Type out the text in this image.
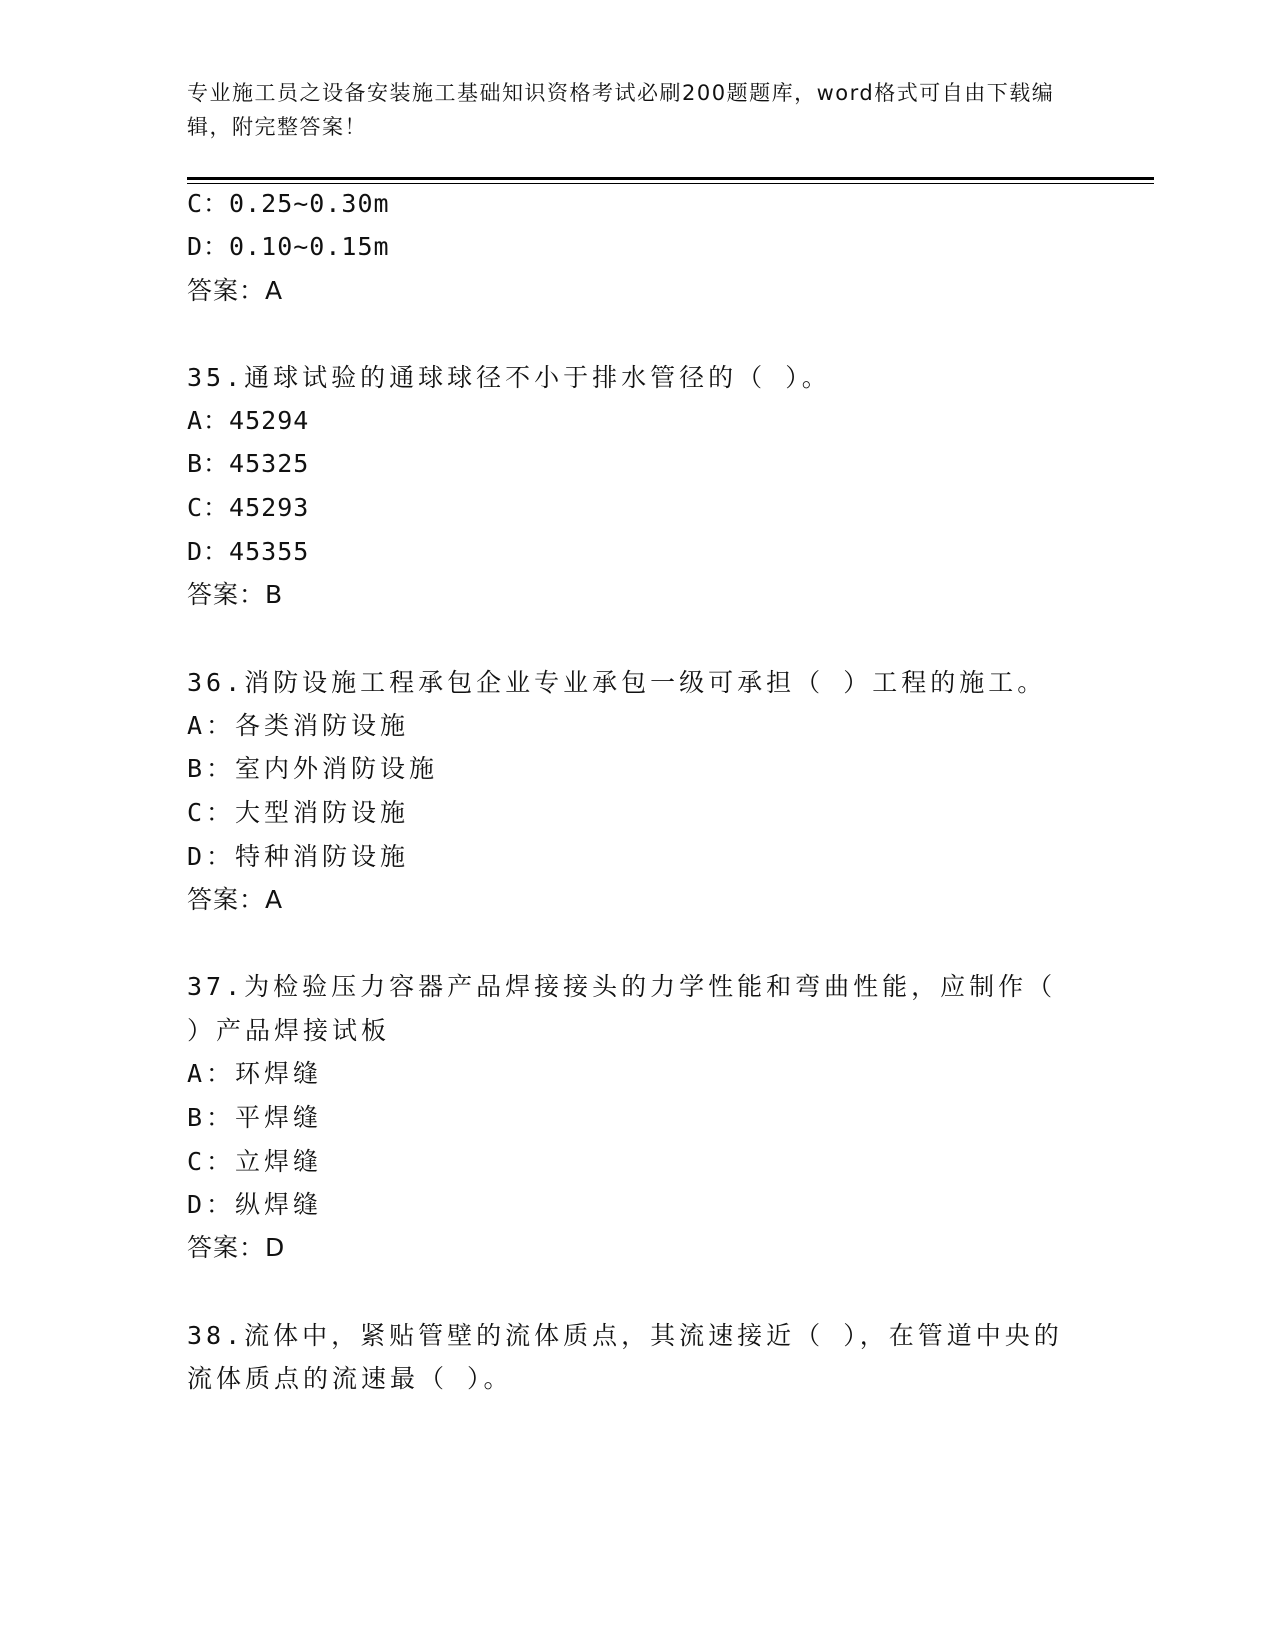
专业施工员之设备安装施工基础知识资格考试必刷200题题库，word格式可自由下载编辑，附完整答案！
C：0.25~0.30m
D：0.10~0.15m
答案：A
35.通球试验的通球球径不小于排水管径的（ ）。
A：45294
B：45325
C：45293
D：45355
答案：B
36.消防设施工程承包企业专业承包一级可承担（ ）工程的施工。
A：各类消防设施
B：室内外消防设施
C：大型消防设施
D：特种消防设施
答案：A
37.为检验压力容器产品焊接接头的力学性能和弯曲性能，应制作（
）产品焊接试板
A：环焊缝
B：平焊缝
C：立焊缝
D：纵焊缝
答案：D
38.流体中，紧贴管壁的流体质点，其流速接近（ ），在管道中央的
流体质点的流速最（ ）。
